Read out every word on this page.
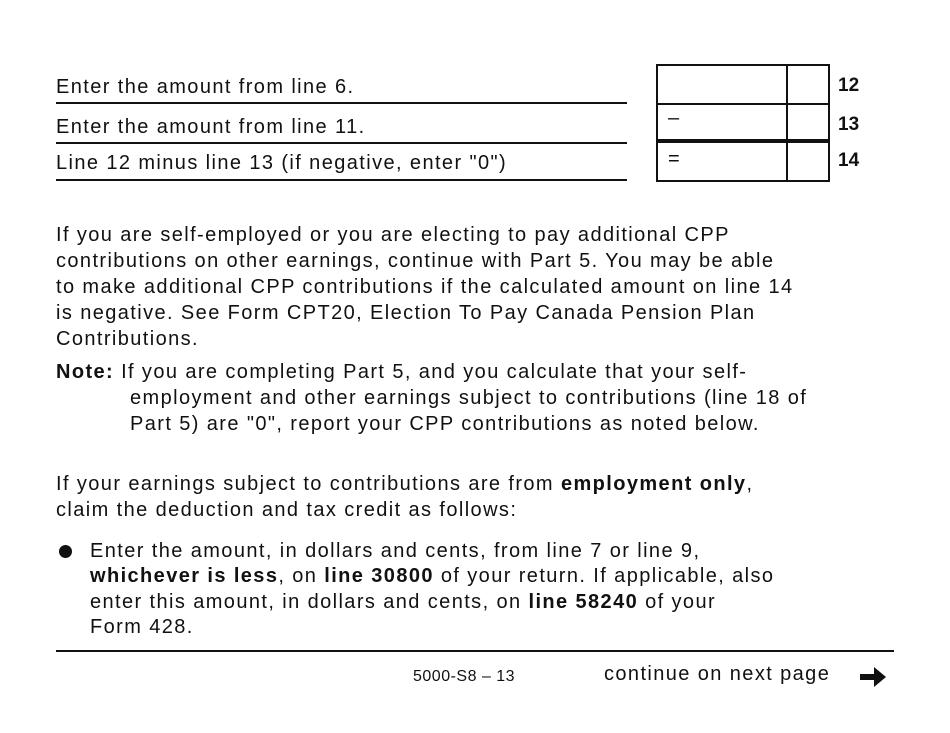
Enter the amount from line 6.
Enter the amount from line 11.
Line 12 minus line 13 (if negative, enter "0")
–
=
12
13
14
If you are self-employed or you are electing to pay additional CPP
contributions on other earnings, continue with Part 5. You may be able
to make additional CPP contributions if the calculated amount on line 14
is negative. See Form CPT20, Election To Pay Canada Pension Plan
Contributions.
Note: If you are completing Part 5, and you calculate that your self-
employment and other earnings subject to contributions (line 18 of
Part 5) are "0", report your CPP contributions as noted below.
If your earnings subject to contributions are from employment only,
claim the deduction and tax credit as follows:
Enter the amount, in dollars and cents, from line 7 or line 9,
whichever is less, on line 30800 of your return. If applicable, also
enter this amount, in dollars and cents, on line 58240 of your
Form 428.
5000-S8 – 13	continue on next page
